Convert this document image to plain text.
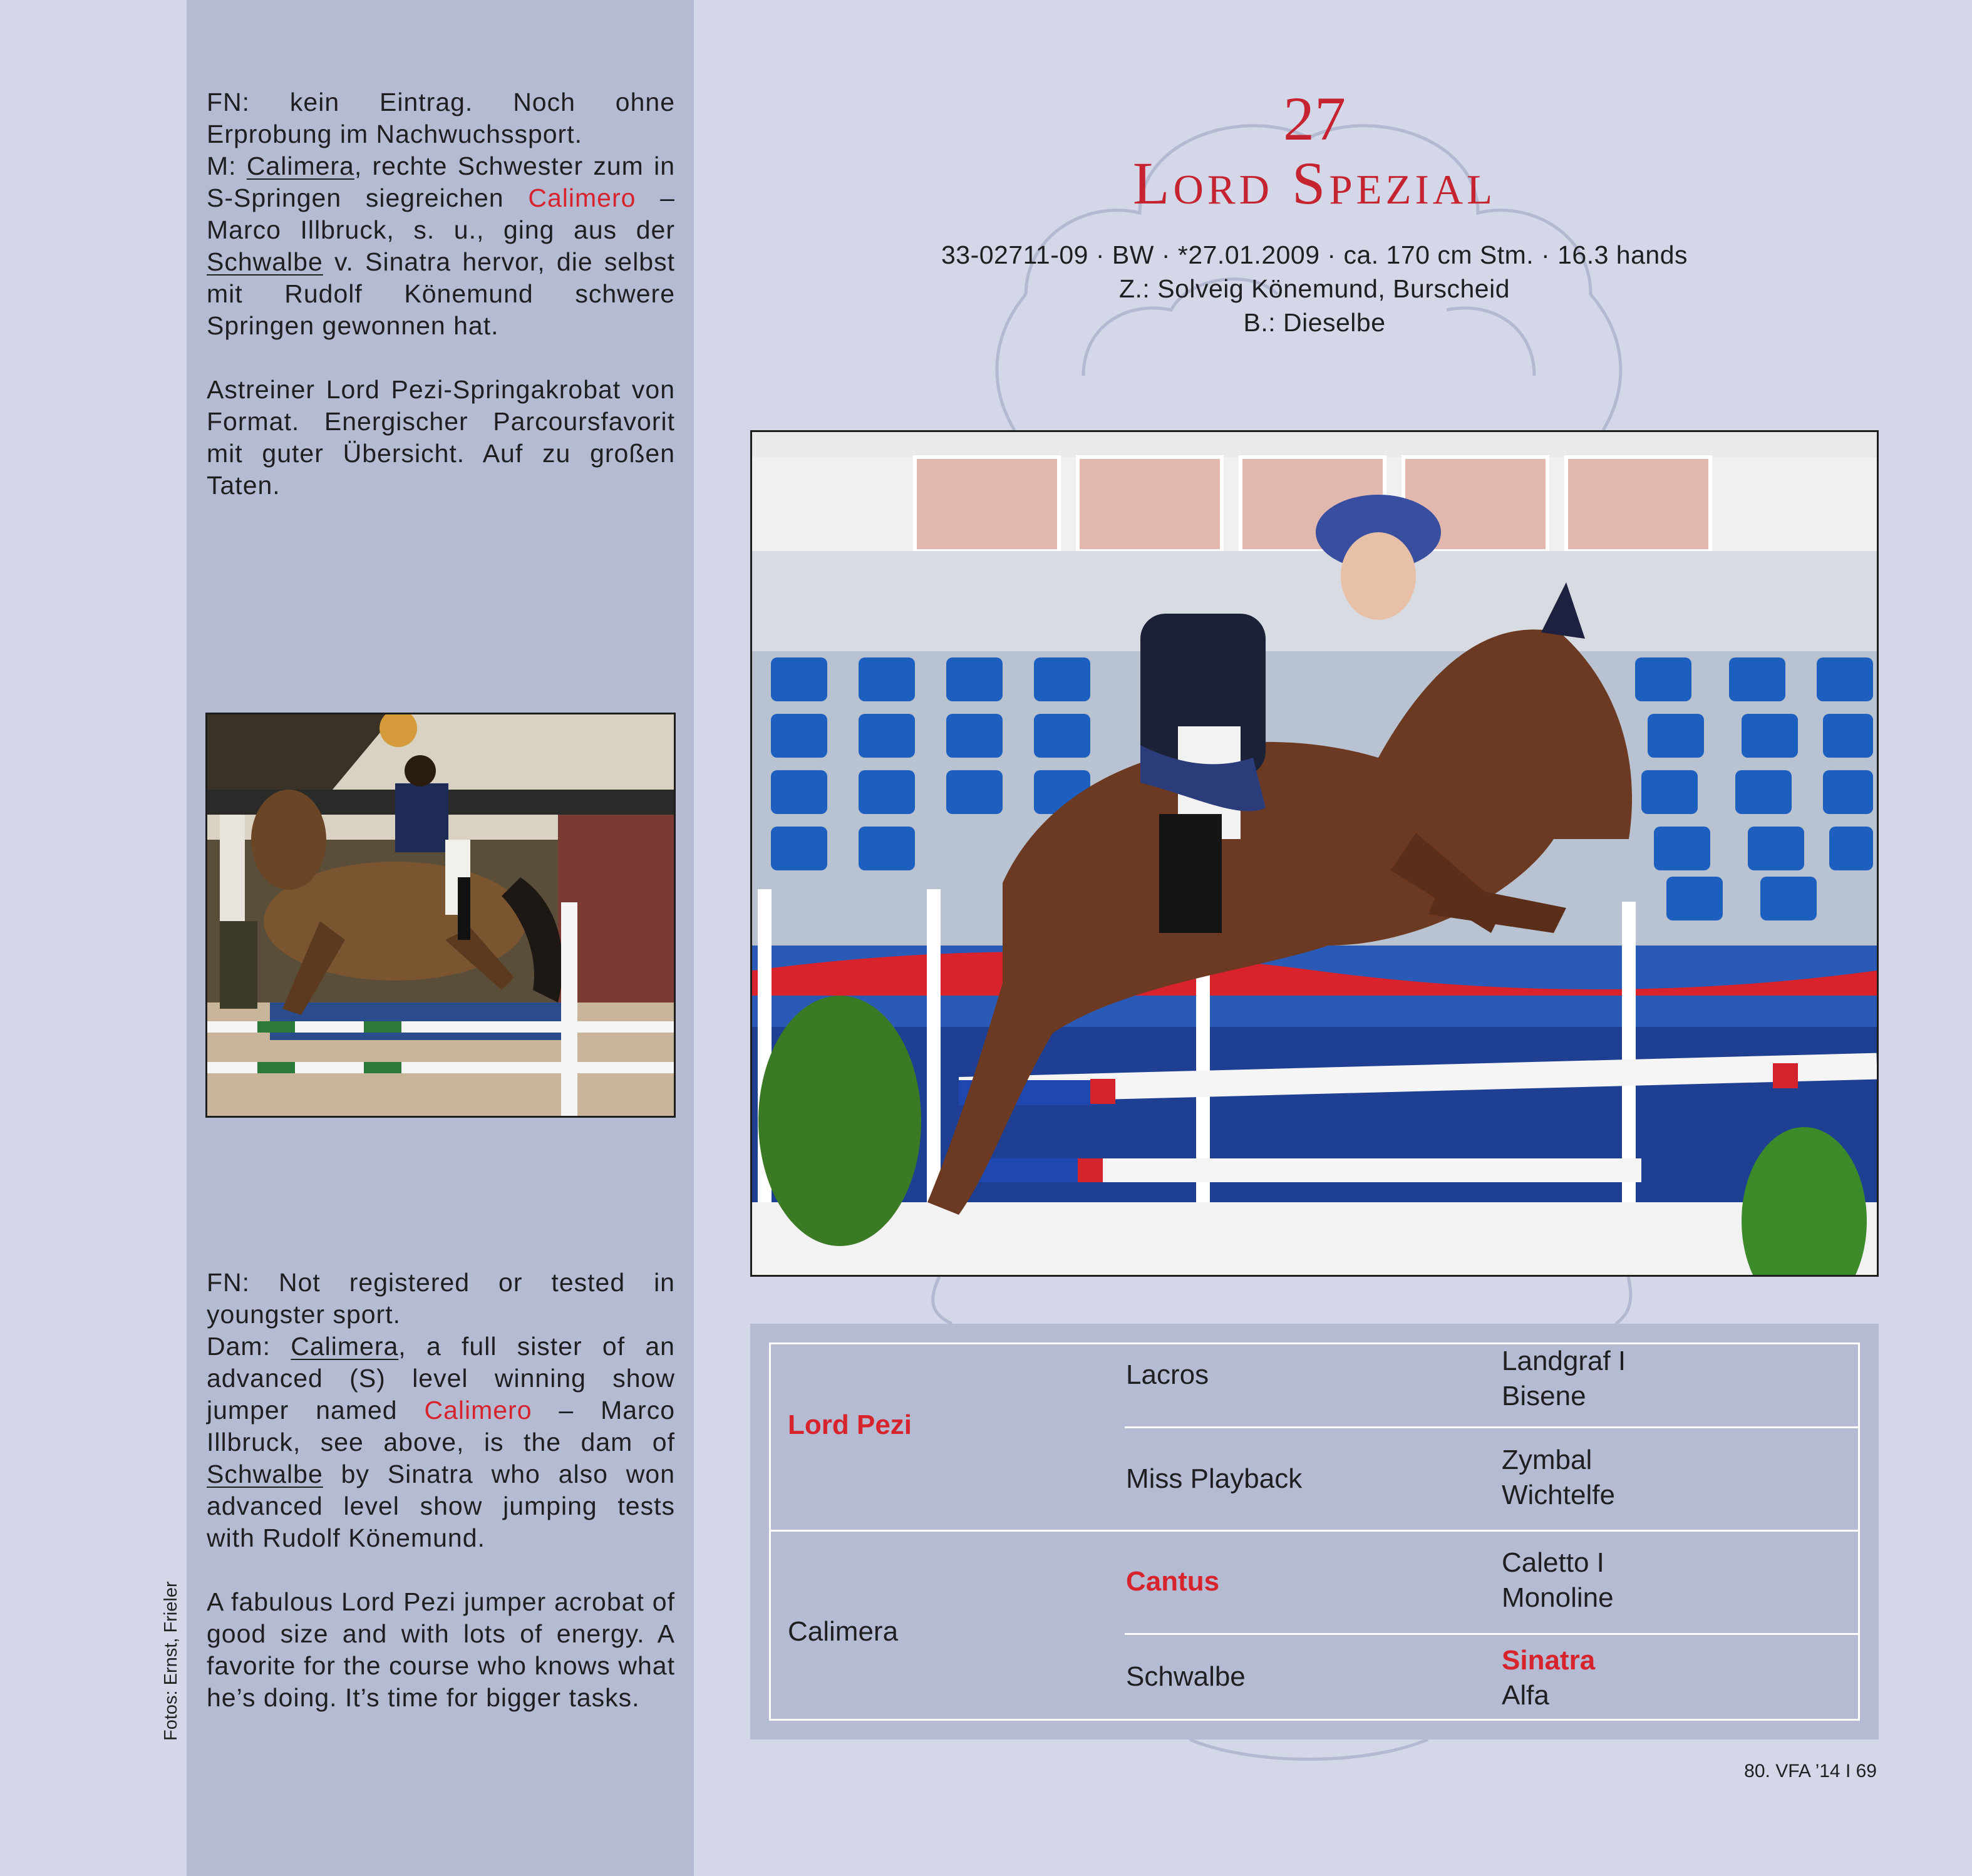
FN: kein Eintrag. Noch ohne Erprobung im Nachwuchssport.

M: Calimera, rechte Schwester zum in S-Springen siegreichen Calimero – Marco Illbruck, s. u., ging aus der Schwalbe v. Sinatra hervor, die selbst mit Rudolf Könemund schwere Springen gewonnen hat.

Astreiner Lord Pezi-Springakrobat von Format. Energischer Parcoursfavorit mit guter Übersicht. Auf zu großen Taten.

FN: Not registered or tested in youngster sport.

Dam: Calimera, a full sister of an advanced (S) level winning show jumper named Calimero – Marco Illbruck, see above, is the dam of Schwalbe by Sinatra who also won advanced level show jumping tests with Rudolf Könemund.

A fabulous Lord Pezi jumper acrobat of good size and with lots of energy. A favorite for the course who knows what he’s doing. It’s time for bigger tasks.

Fotos: Ernst, Frieler
27
Lord Spezial
33-02711-09 · BW · *27.01.2009 · ca. 170 cm Stm. · 16.3 hands
Z.: Solveig Könemund, Burscheid
B.: Dieselbe
Lord Pezi
Calimera
Lacros
Miss Playback
Cantus
Schwalbe
Landgraf I
Bisene
Zymbal
Wichtelfe
Caletto I
Monoline
Sinatra
Alfa
80. VFA ’14 I 69
